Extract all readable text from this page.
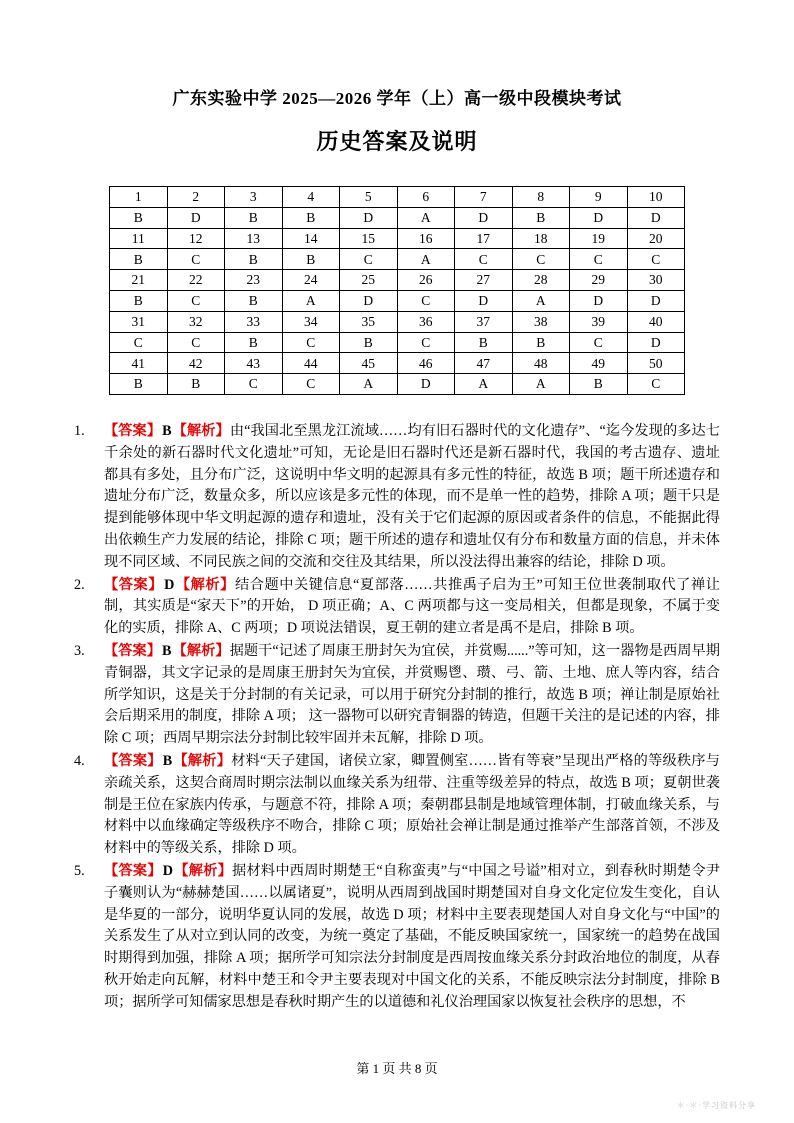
广东实验中学 2025—2026 学年（上）高一级中段模块考试
历史答案及说明
1	2	3	4	5	6	7	8	9	10
B	D	B	B	D	A	D	B	D	D
11	12	13	14	15	16	17	18	19	20
B	C	B	B	C	A	C	C	C	C
21	22	23	24	25	26	27	28	29	30
B	C	B	A	D	C	D	A	D	D
31	32	33	34	35	36	37	38	39	40
C	C	B	C	B	C	B	B	C	D
41	42	43	44	45	46	47	48	49	50
B	B	C	C	A	D	A	A	B	C
1.	【答案】B【解析】由“我国北至黑龙江流域……均有旧石器时代的文化遗存”、“迄今发现的多达七千余处的新石器时代文化遗址”可知，无论是旧石器时代还是新石器时代，我国的考古遗存、遗址都具有多处，且分布广泛，这说明中华文明的起源具有多元性的特征，故选 B 项；题干所述遗存和遗址分布广泛，数量众多，所以应该是多元性的体现，而不是单一性的趋势，排除 A 项；题干只是提到能够体现中华文明起源的遗存和遗址，没有关于它们起源的原因或者条件的信息，不能据此得出依赖生产力发展的结论，排除 C 项；题干所述的遗存和遗址仅有分布和数量方面的信息，并未体现不同区域、不同民族之间的交流和交往及其结果，所以没法得出兼容的结论，排除 D 项。
2.	【答案】D【解析】结合题中关键信息“夏部落……共推禹子启为王”可知王位世袭制取代了禅让制，其实质是“家天下”的开始， D 项正确；A、C 两项都与这一变局相关，但都是现象，不属于变化的实质，排除 A、C 两项；D 项说法错误，夏王朝的建立者是禹不是启，排除 B 项。
3.	【答案】B【解析】据题干“记述了周康王册封矢为宜侯，并赏赐......”等可知，这一器物是西周早期青铜器，其文字记录的是周康王册封矢为宜侯，并赏赐鬯、瓒、弓、箭、土地、庶人等内容，结合所学知识，这是关于分封制的有关记录，可以用于研究分封制的推行，故选 B 项；禅让制是原始社会后期采用的制度，排除 A 项； 这一器物可以研究青铜器的铸造，但题干关注的是记述的内容，排除 C 项；西周早期宗法分封制比较牢固并未瓦解，排除 D 项。
4.	【答案】B【解析】材料“天子建国，诸侯立家，卿置侧室……皆有等衰”呈现出严格的等级秩序与亲疏关系，这契合商周时期宗法制以血缘关系为纽带、注重等级差异的特点，故选 B 项；夏朝世袭制是王位在家族内传承，与题意不符，排除 A 项；秦朝郡县制是地域管理体制，打破血缘关系，与材料中以血缘确定等级秩序不吻合，排除 C 项；原始社会禅让制是通过推举产生部落首领，不涉及材料中的等级关系，排除 D 项。
5.	【答案】D【解析】据材料中西周时期楚王“自称蛮夷”与“中国之号谥”相对立，到春秋时期楚令尹子囊则认为“赫赫楚国……以属诸夏”，说明从西周到战国时期楚国对自身文化定位发生变化，自认是华夏的一部分，说明华夏认同的发展，故选 D 项；材料中主要表现楚国人对自身文化与“中国”的关系发生了从对立到认同的改变，为统一奠定了基础，不能反映国家统一，国家统一的趋势在战国时期得到加强，排除 A 项；据所学可知宗法分封制度是西周按血缘关系分封政治地位的制度，从春秋开始走向瓦解，材料中楚王和令尹主要表现对中国文化的关系，不能反映宗法分封制度，排除 B 项；据所学可知儒家思想是春秋时期产生的以道德和礼仪治理国家以恢复社会秩序的思想，不
第 1 页 共 8 页
＊·＊·学习资料分享
